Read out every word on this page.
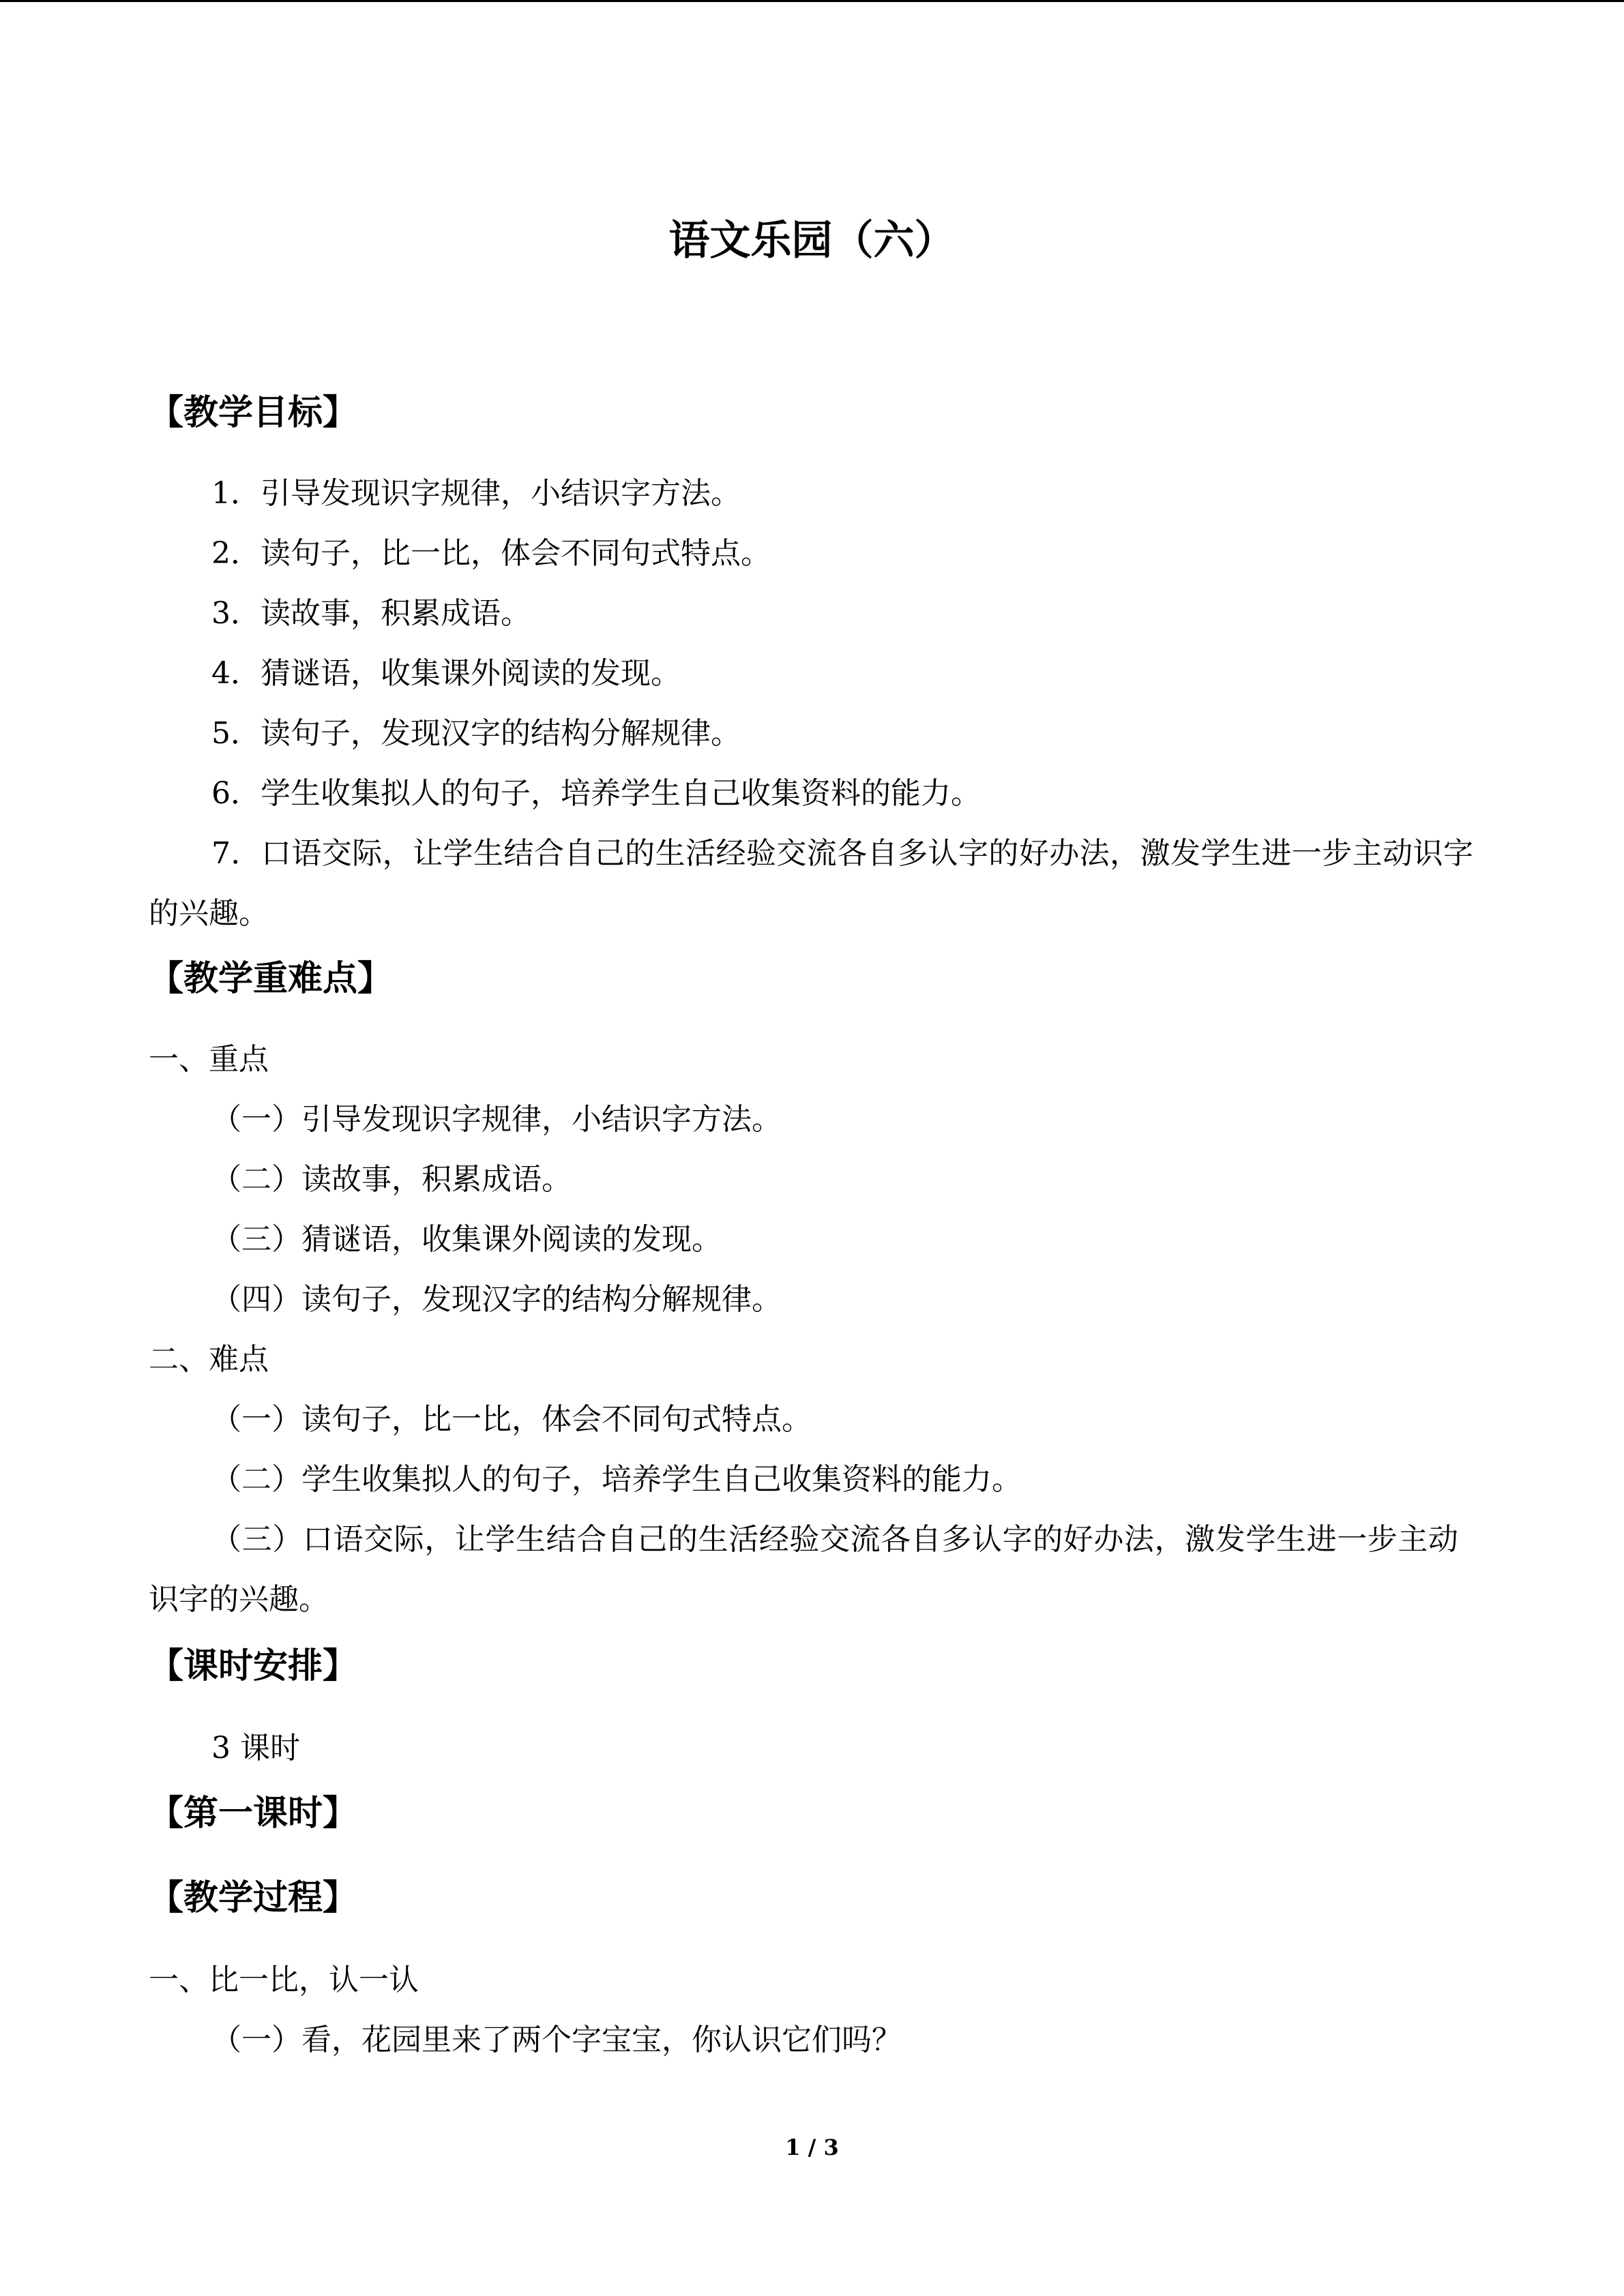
语文乐园（六）
【教学目标】
1．引导发现识字规律，小结识字方法。
2．读句子，比一比，体会不同句式特点。
3．读故事，积累成语。
4．猜谜语，收集课外阅读的发现。
5．读句子，发现汉字的结构分解规律。
6．学生收集拟人的句子，培养学生自己收集资料的能力。
7．口语交际，让学生结合自己的生活经验交流各自多认字的好办法，激发学生进一步主动识字的兴趣。
【教学重难点】
一、重点
（一）引导发现识字规律，小结识字方法。
（二）读故事，积累成语。
（三）猜谜语，收集课外阅读的发现。
（四）读句子，发现汉字的结构分解规律。
二、难点
（一）读句子，比一比，体会不同句式特点。
（二）学生收集拟人的句子，培养学生自己收集资料的能力。
（三）口语交际，让学生结合自己的生活经验交流各自多认字的好办法，激发学生进一步主动识字的兴趣。
【课时安排】
3 课时
【第一课时】
【教学过程】
一、比一比，认一认
（一）看，花园里来了两个字宝宝，你认识它们吗？
1 / 3
